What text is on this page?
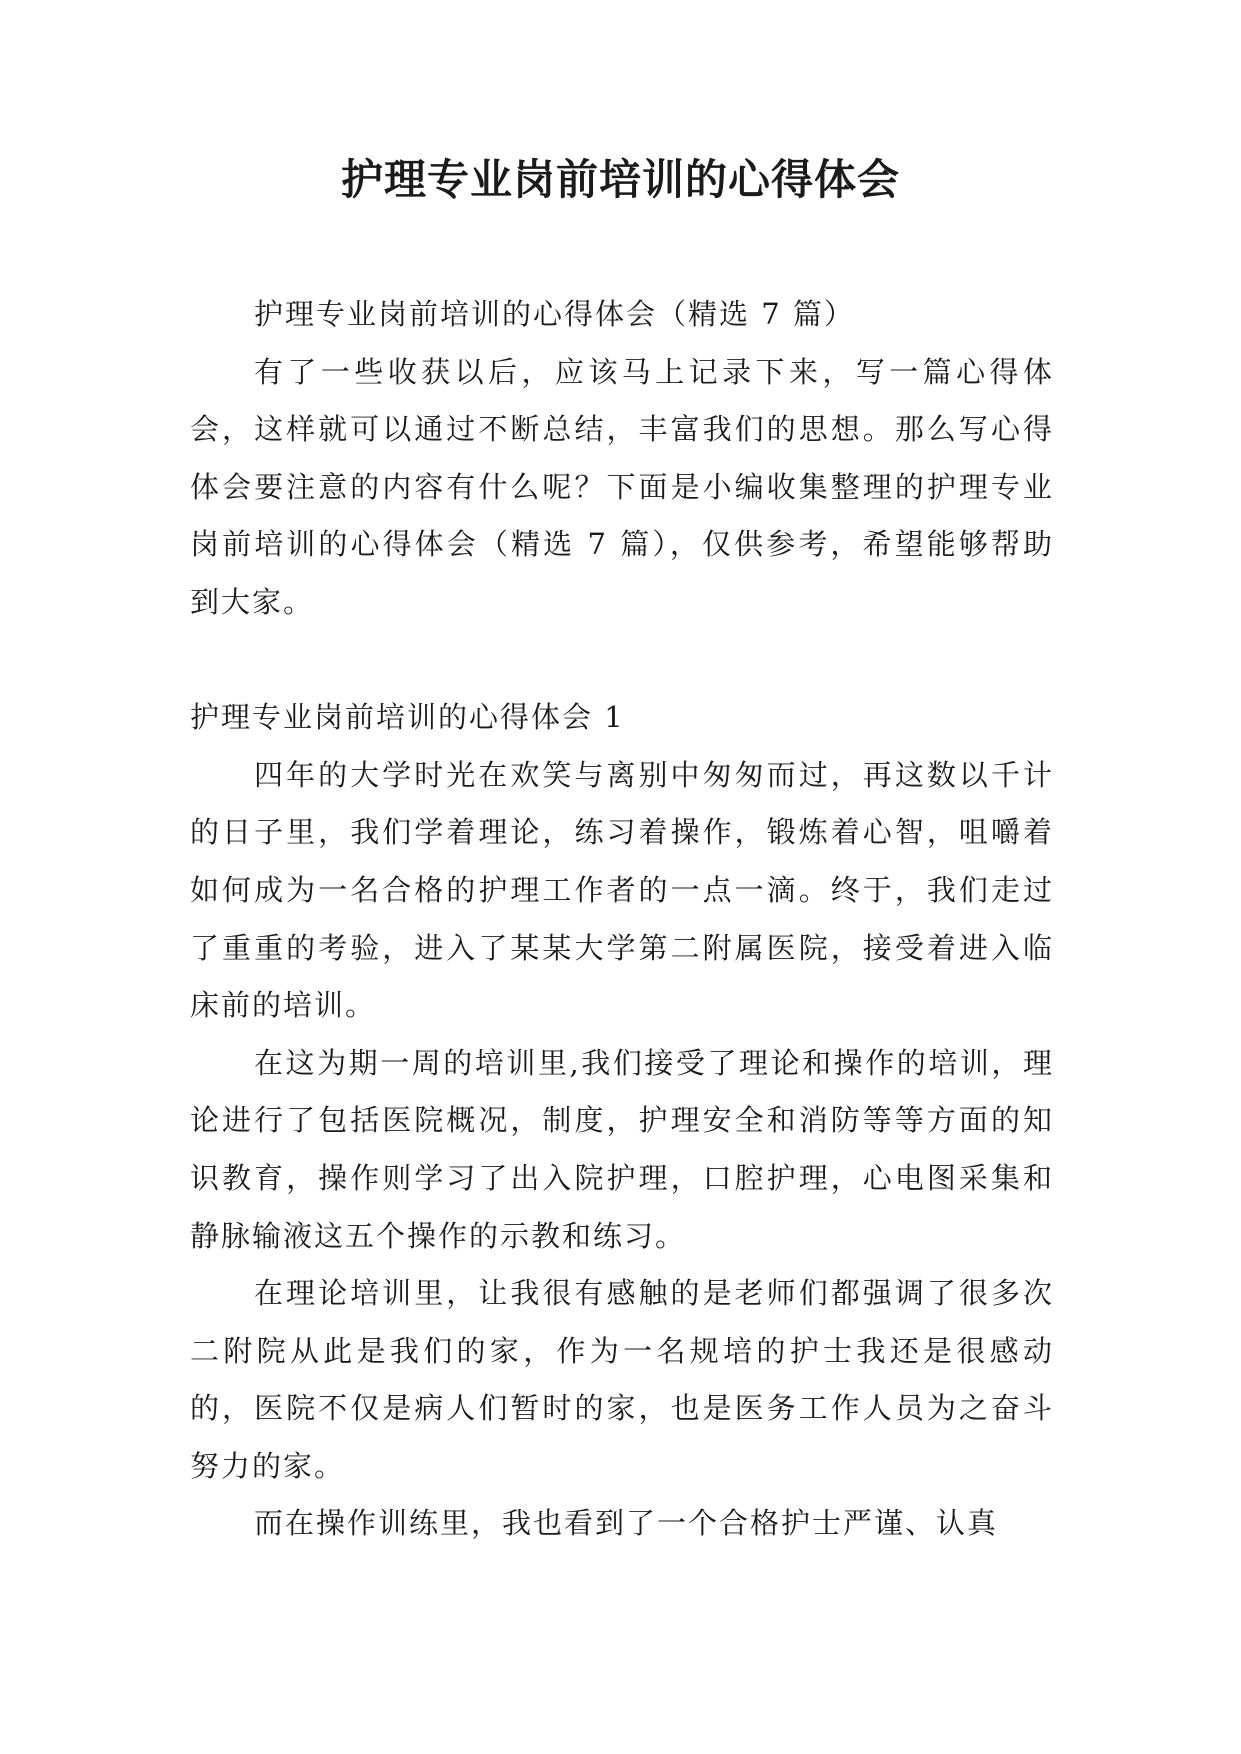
护理专业岗前培训的心得体会

护理专业岗前培训的心得体会（精选 7 篇）

有了一些收获以后，应该马上记录下来，写一篇心得体会，这样就可以通过不断总结，丰富我们的思想。那么写心得体会要注意的内容有什么呢？下面是小编收集整理的护理专业岗前培训的心得体会（精选 7 篇），仅供参考，希望能够帮助到大家。

护理专业岗前培训的心得体会 1

四年的大学时光在欢笑与离别中匆匆而过，再这数以千计的日子里，我们学着理论，练习着操作，锻炼着心智，咀嚼着如何成为一名合格的护理工作者的一点一滴。终于，我们走过了重重的考验，进入了某某大学第二附属医院，接受着进入临床前的培训。

在这为期一周的培训里,我们接受了理论和操作的培训，理论进行了包括医院概况，制度，护理安全和消防等等方面的知识教育，操作则学习了出入院护理，口腔护理，心电图采集和静脉输液这五个操作的示教和练习。

在理论培训里，让我很有感触的是老师们都强调了很多次二附院从此是我们的家，作为一名规培的护士我还是很感动的，医院不仅是病人们暂时的家，也是医务工作人员为之奋斗努力的家。

而在操作训练里，我也看到了一个合格护士严谨、认真
